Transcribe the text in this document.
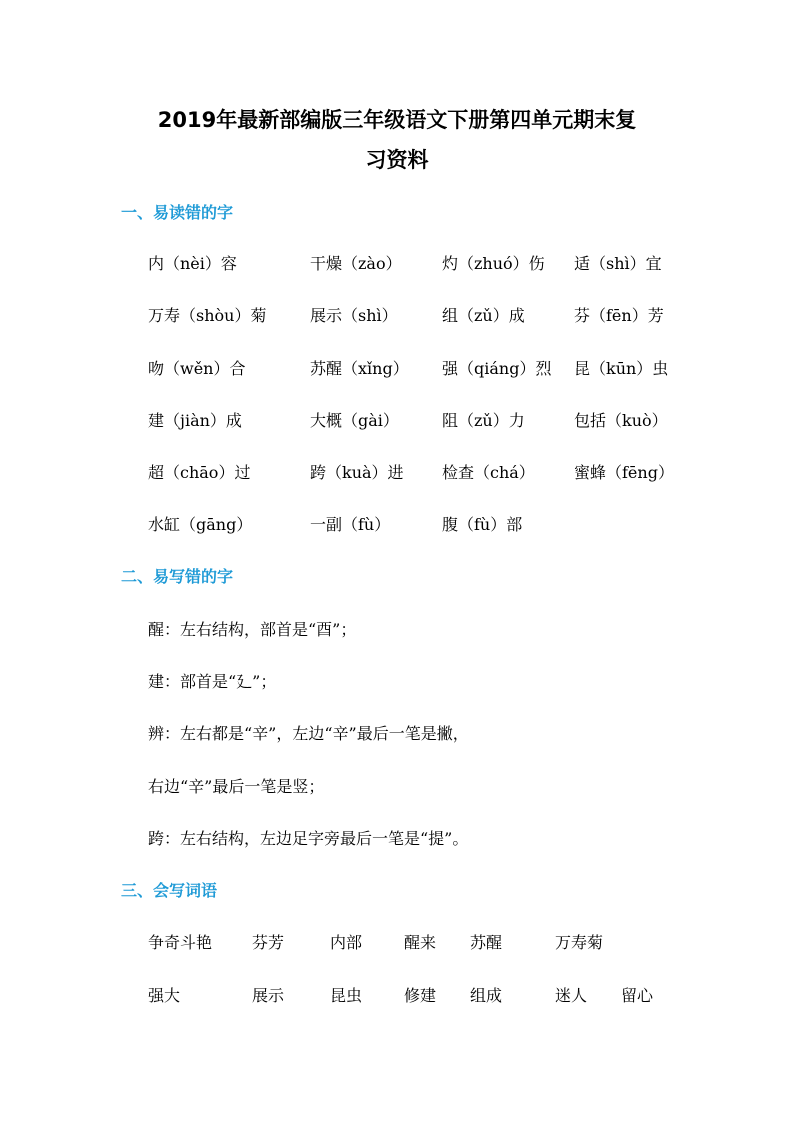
2019年最新部编版三年级语文下册第四单元期末复
习资料
一、易读错的字
内（nèi）容	干燥（zào）	灼（zhuó）伤 适（shì）宜
万寿（shòu）菊	展示（shì）	组（zǔ）成	芬（fēn）芳
吻（wěn）合	苏醒（xǐng） 强（qiáng）烈 昆（kūn）虫
建（jiàn）成	大概（gài）	阻（zǔ）力	包括（kuò）
超（chāo）过	跨（kuà）进 检查（chá） 蜜蜂（fēng）
水缸（gāng）	一副（fù）	腹（fù）部
二、易写错的字
醒：左右结构，部首是“酉”；
建：部首是“廴”；
辨：左右都是“辛”，左边“辛”最后一笔是撇，
右边“辛”最后一笔是竖；
跨：左右结构，左边足字旁最后一笔是“提”。
三、会写词语
争奇斗艳 芬芳	内部	醒来 苏醒	万寿菊
强大	展示	昆虫	修建 组成	迷人 留心
